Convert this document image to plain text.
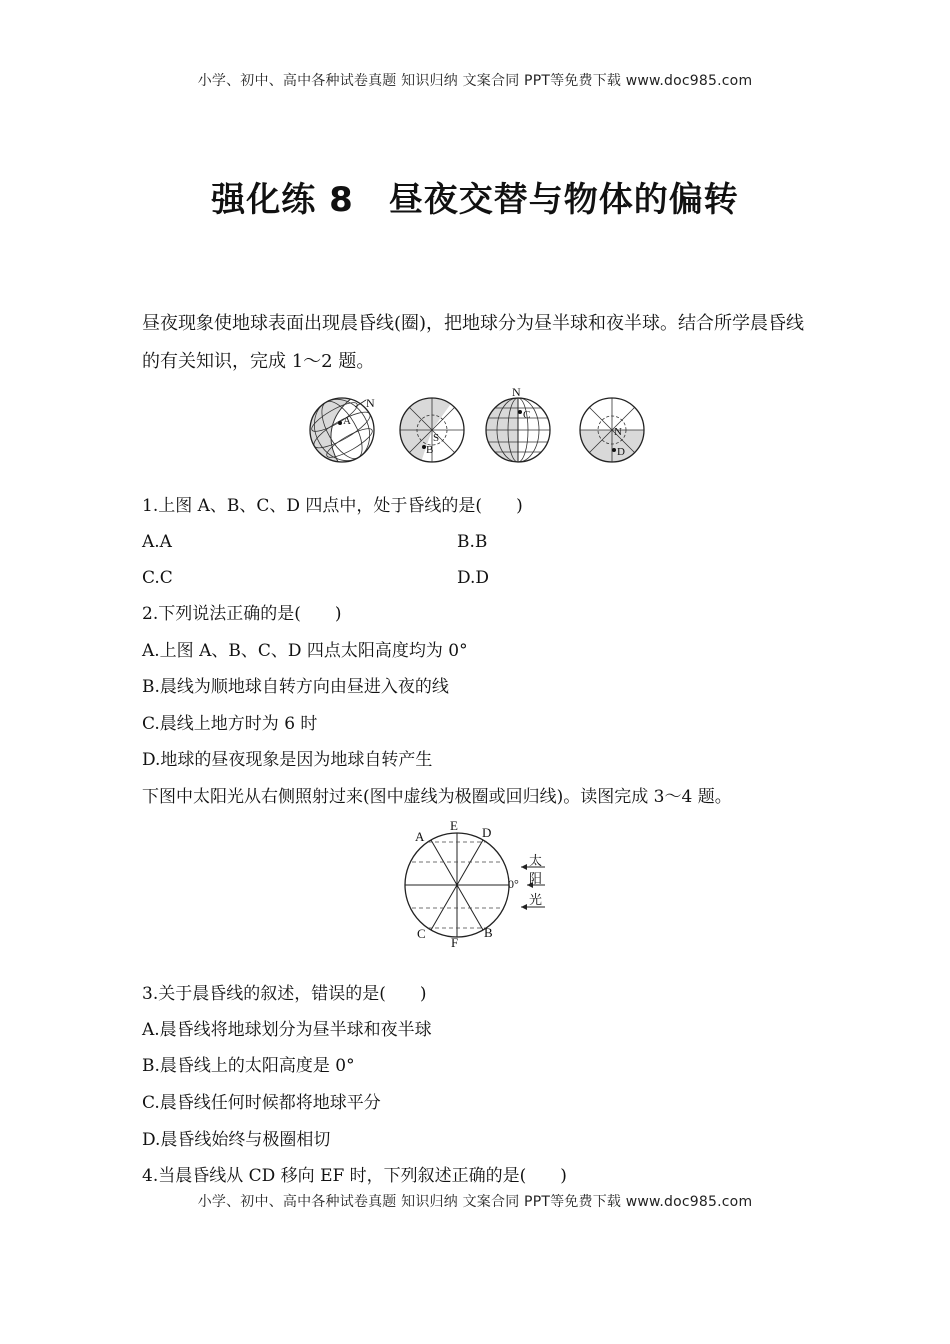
小学、初中、高中各种试卷真题 知识归纳 文案合同 PPT等免费下载 www.doc985.com
强化练 8　昼夜交替与物体的偏转
昼夜现象使地球表面出现晨昏线(圈)，把地球分为昼半球和夜半球。结合所学晨昏线的有关知识，完成 1～2 题。
N
A
S
B
N
C
N
D
1.上图 A、B、C、D 四点中，处于昏线的是(　　)
A.A	B.B
C.C	D.D
2.下列说法正确的是(　　)
A.上图 A、B、C、D 四点太阳高度均为 0°
B.晨线为顺地球自转方向由昼进入夜的线
C.晨线上地方时为 6 时
D.地球的昼夜现象是因为地球自转产生
下图中太阳光从右侧照射过来(图中虚线为极圈或回归线)。读图完成 3～4 题。
A
E D
C
F
B
0°
太
阳
光
3.关于晨昏线的叙述，错误的是(　　)
A.晨昏线将地球划分为昼半球和夜半球
B.晨昏线上的太阳高度是 0°
C.晨昏线任何时候都将地球平分
D.晨昏线始终与极圈相切
4.当晨昏线从 CD 移向 EF 时，下列叙述正确的是(　　)
小学、初中、高中各种试卷真题 知识归纳 文案合同 PPT等免费下载 www.doc985.com
